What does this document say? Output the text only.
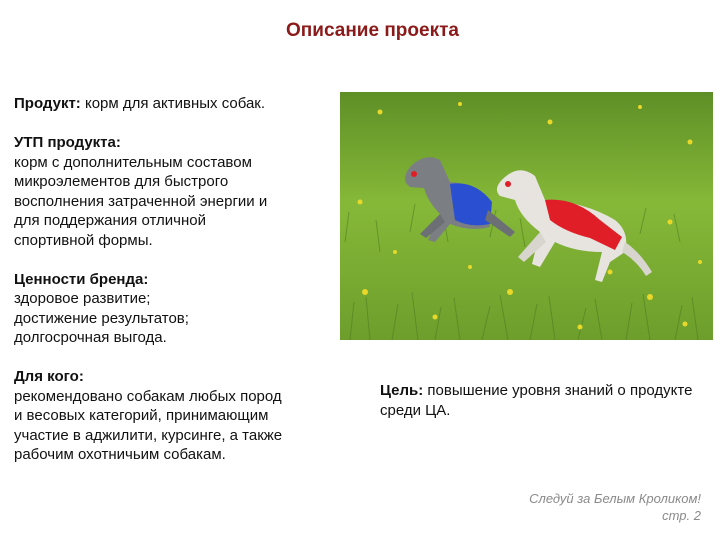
Описание проекта

Продукт: корм для активных собак.

УТП продукта:

корм с дополнительным составом

микроэлементов для быстрого

восполнения затраченной энергии и

для поддержания отличной

спортивной формы.

Ценности бренда:

здоровое развитие;

достижение результатов;

долгосрочная выгода.

Для кого:

рекомендовано собакам любых пород

и весовых категорий, принимающим

участие в аджилити, курсинге, а также

рабочим охотничьим собакам.

Цель: повышение уровня знаний о продукте среди ЦА.
Следуй за Белым Кроликом!
стр. 2
